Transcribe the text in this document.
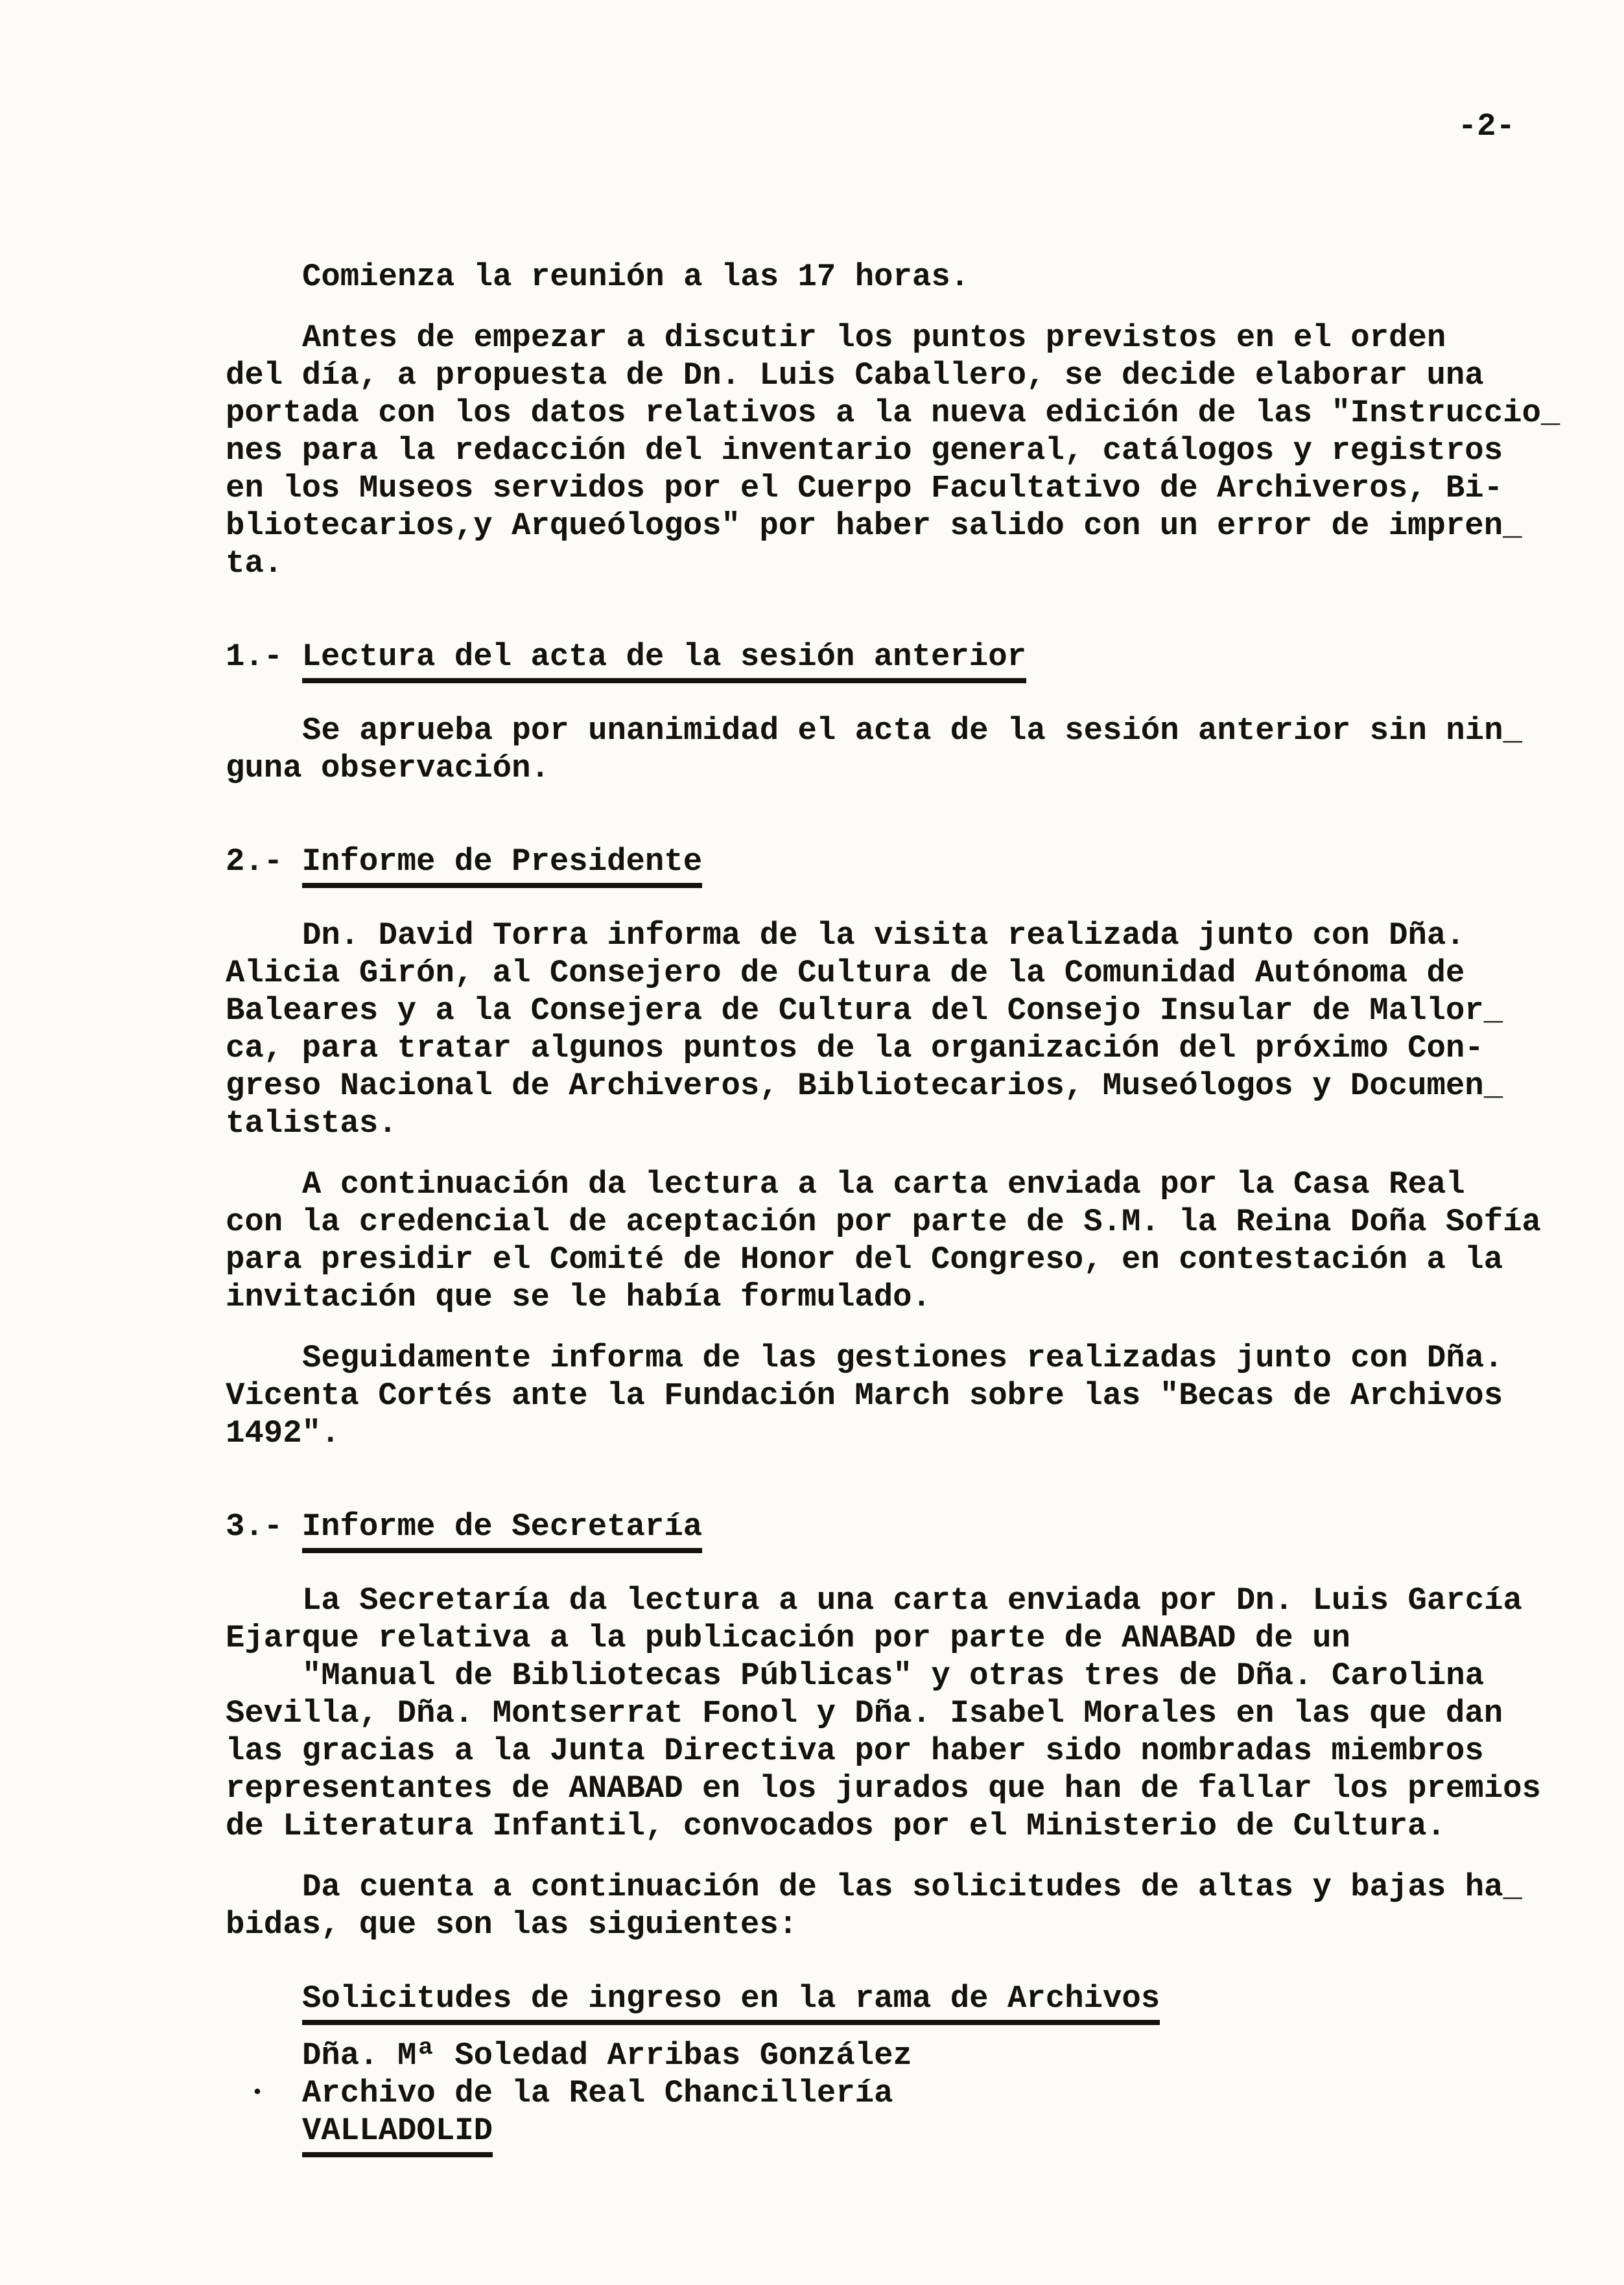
-2-
Comienza la reunión a las 17 horas.
Antes de empezar a discutir los puntos previstos en el orden
del día, a propuesta de Dn. Luis Caballero, se decide elaborar una
portada con los datos relativos a la nueva edición de las "Instruccio_
nes para la redacción del inventario general, catálogos y registros
en los Museos servidos por el Cuerpo Facultativo de Archiveros, Bi-
bliotecarios,y Arqueólogos" por haber salido con un error de impren_
ta.
1.- Lectura del acta de la sesión anterior
Se aprueba por unanimidad el acta de la sesión anterior sin nin_
guna observación.
2.- Informe de Presidente
Dn. David Torra informa de la visita realizada junto con Dña.
Alicia Girón, al Consejero de Cultura de la Comunidad Autónoma de
Baleares y a la Consejera de Cultura del Consejo Insular de Mallor_
ca, para tratar algunos puntos de la organización del próximo Con-
greso Nacional de Archiveros, Bibliotecarios, Museólogos y Documen_
talistas.
A continuación da lectura a la carta enviada por la Casa Real
con la credencial de aceptación por parte de S.M. la Reina Doña Sofía
para presidir el Comité de Honor del Congreso, en contestación a la
invitación que se le había formulado.
Seguidamente informa de las gestiones realizadas junto con Dña.
Vicenta Cortés ante la Fundación March sobre las "Becas de Archivos
1492".
3.- Informe de Secretaría
La Secretaría da lectura a una carta enviada por Dn. Luis García
Ejarque relativa a la publicación por parte de ANABAD de un
"Manual de Bibliotecas Públicas" y otras tres de Dña. Carolina
Sevilla, Dña. Montserrat Fonol y Dña. Isabel Morales en las que dan
las gracias a la Junta Directiva por haber sido nombradas miembros
representantes de ANABAD en los jurados que han de fallar los premios
de Literatura Infantil, convocados por el Ministerio de Cultura.
Da cuenta a continuación de las solicitudes de altas y bajas ha_
bidas, que son las siguientes:
Solicitudes de ingreso en la rama de Archivos
Dña. Mª Soledad Arribas González
• Archivo de la Real Chancillería
VALLADOLID
